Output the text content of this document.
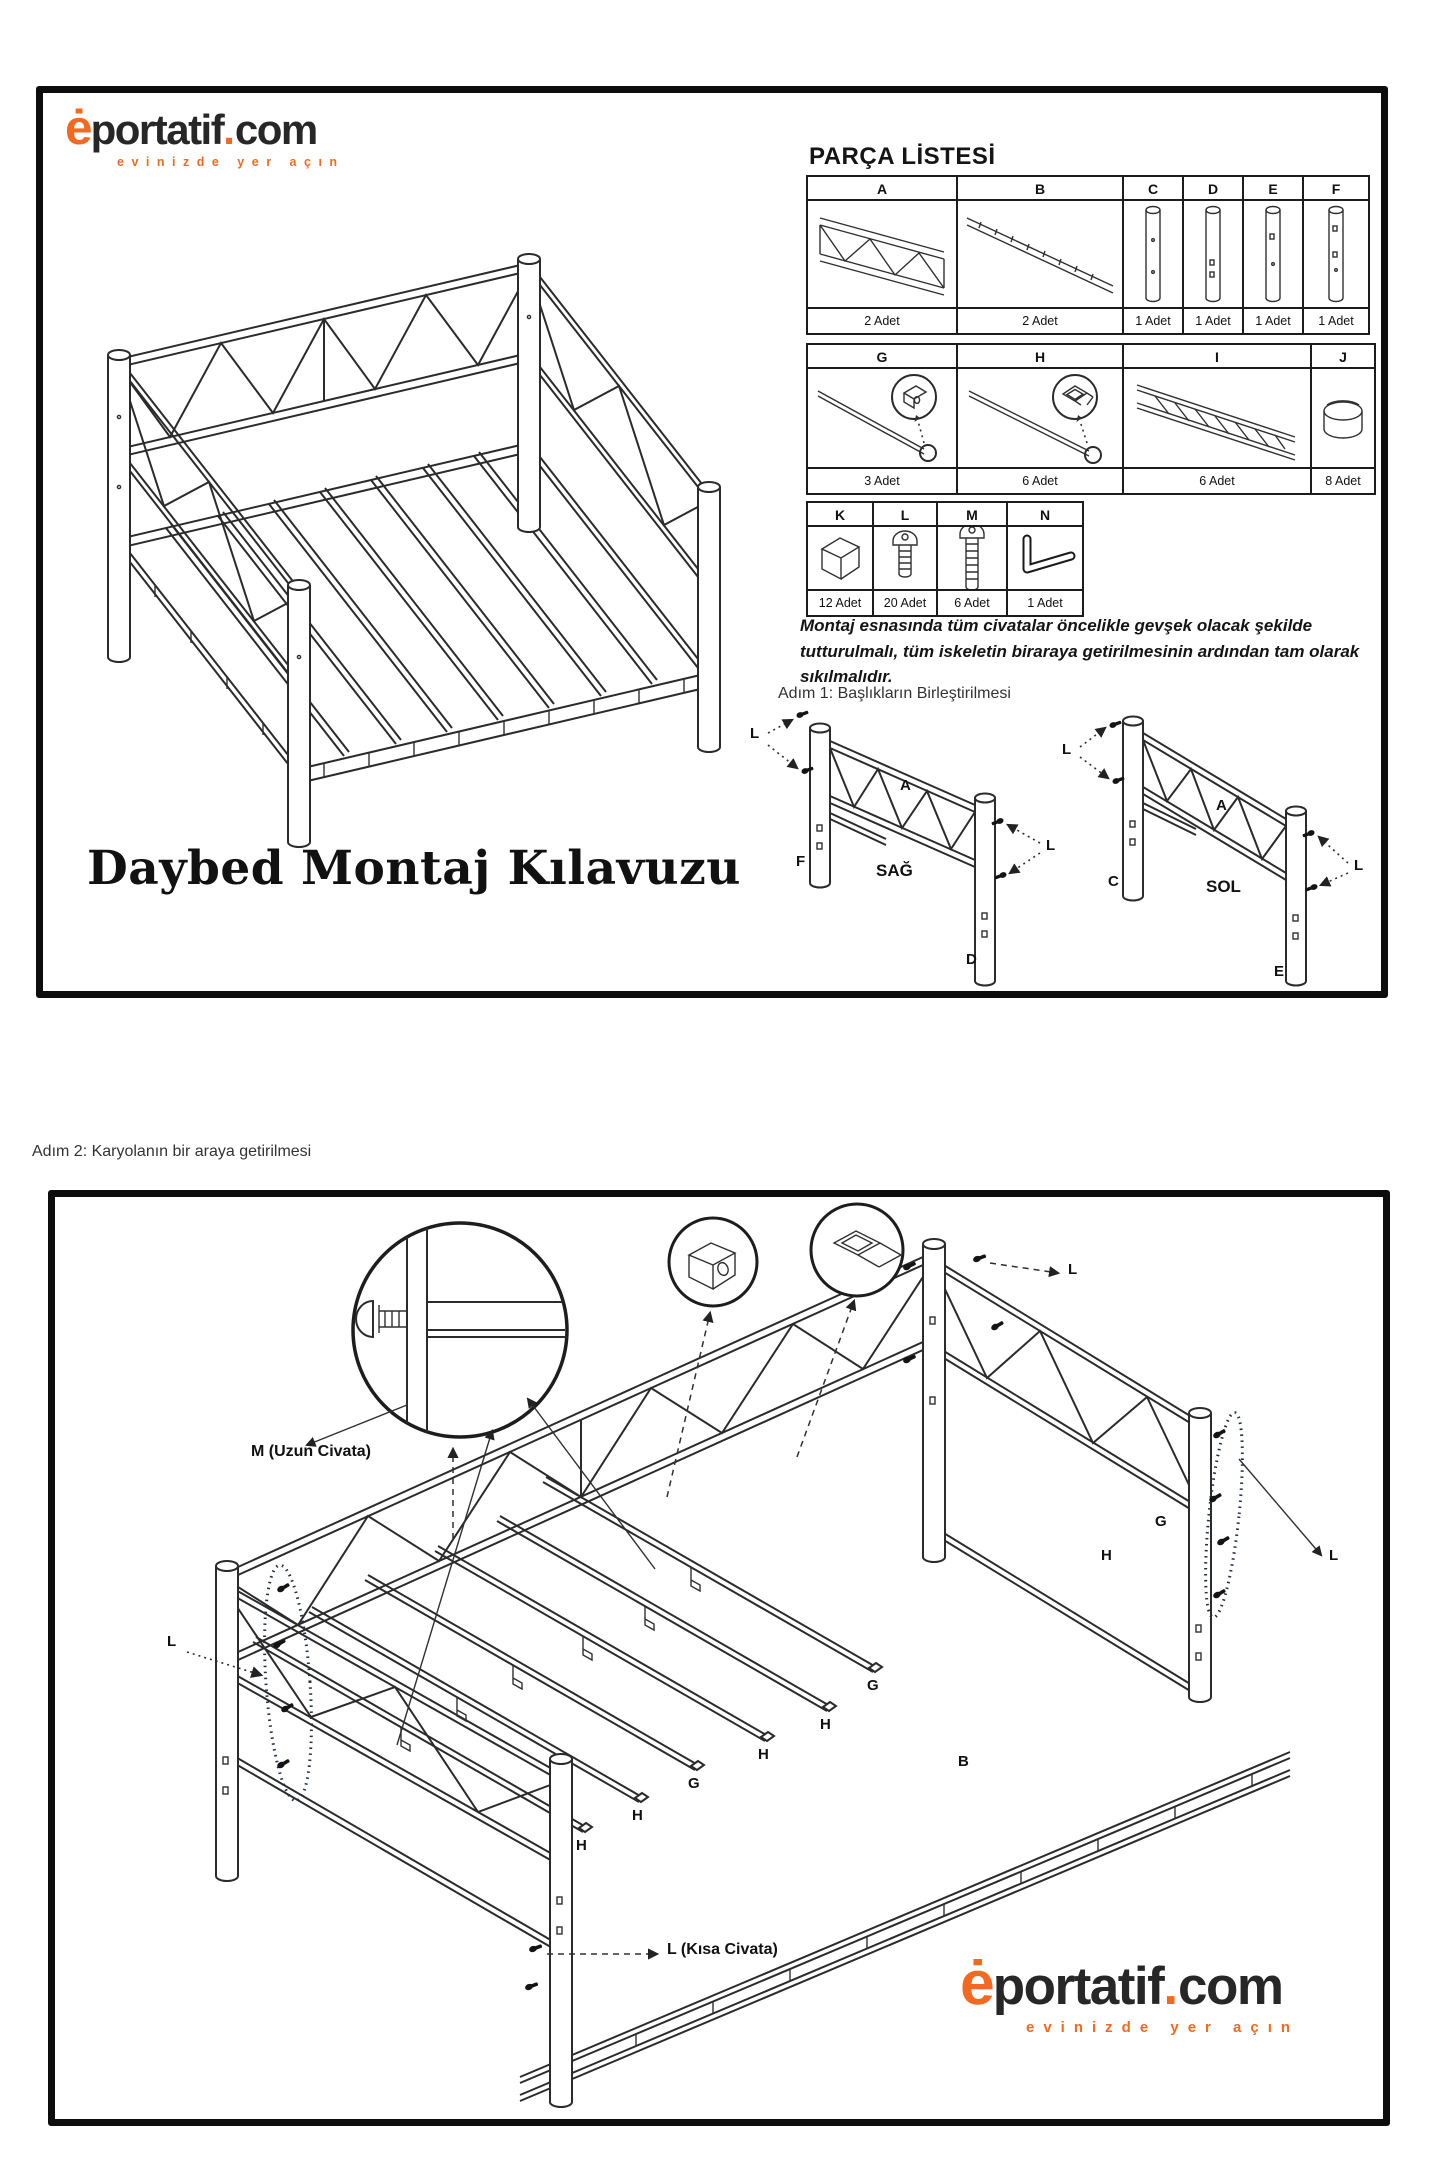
ė
portatif . com
evinizde yer açın
Daybed Montaj Kılavuzu
PARÇA LİSTESİ
A
2 Adet
B
2 Adet
C
1 Adet
D
1 Adet
E
1 Adet
F
1 Adet
G
3 Adet
H
6 Adet
I
6 Adet
J
8 Adet
K
12 Adet
L
20 Adet
M
6 Adet
N
1 Adet
Montaj esnasında tüm civatalar öncelikle gevşek olacak şekilde tutturulmalı, tüm iskeletin biraraya getirilmesinin ardından tam olarak sıkılmalıdır.
Adım 1: Başlıkların Birleştirilmesi
L
F	SAĞ
A
D
L
L
C	SOL
A
E
L
Adım 2: Karyolanın bir araya getirilmesi
M (Uzun Civata)
L (Kısa Civata)
L
L
L
G
H
G
H
H
G
H
H
B
ė
portatif . com
evinizde yer açın
